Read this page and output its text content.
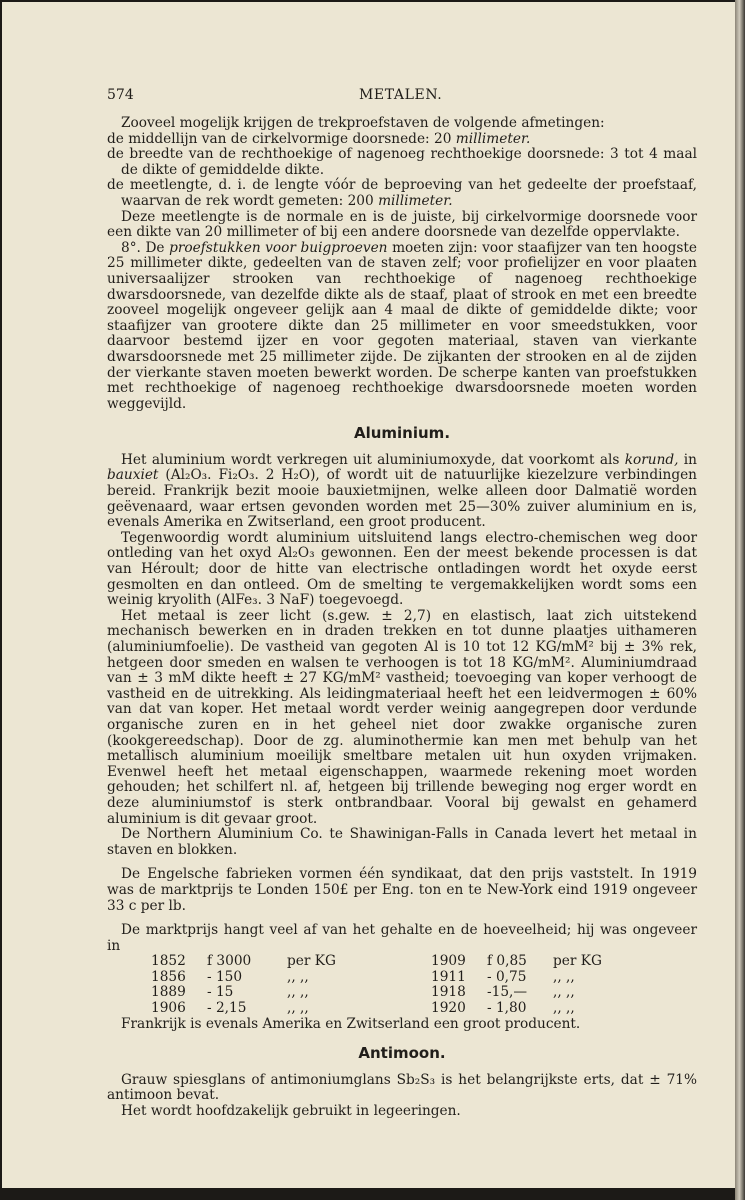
574	METALEN.

Zooveel mogelijk krijgen de trekproefstaven de volgende afmetingen:

de middellijn van de cirkelvormige doorsnede: 20 millimeter.

de breedte van de rechthoekige of nagenoeg rechthoekige doorsnede: 3 tot 4 maal de dikte of gemiddelde dikte.

de meetlengte, d. i. de lengte vóór de beproeving van het gedeelte der proefstaaf, waarvan de rek wordt gemeten: 200 millimeter.

Deze meetlengte is de normale en is de juiste, bij cirkelvormige doorsnede voor een dikte van 20 millimeter of bij een andere doorsnede van dezelfde oppervlakte.

8°. De proefstukken voor buigproeven moeten zijn: voor staafijzer van ten hoogste 25 millimeter dikte, gedeelten van de staven zelf; voor profielijzer en voor plaaten universaalijzer strooken van rechthoekige of nagenoeg rechthoekige dwarsdoorsnede, van dezelfde dikte als de staaf, plaat of strook en met een breedte zooveel mogelijk ongeveer gelijk aan 4 maal de dikte of gemiddelde dikte; voor staafijzer van grootere dikte dan 25 millimeter en voor smeedstukken, voor daarvoor bestemd ijzer en voor gegoten materiaal, staven van vierkante dwarsdoorsnede met 25 millimeter zijde. De zijkanten der strooken en al de zijden der vierkante staven moeten bewerkt worden. De scherpe kanten van proefstukken met rechthoekige of nagenoeg rechthoekige dwarsdoorsnede moeten worden weggevijld.

Aluminium.

Het aluminium wordt verkregen uit aluminiumoxyde, dat voorkomt als korund, in bauxiet (Al₂O₃. Fi₂O₃. 2 H₂O), of wordt uit de natuurlijke kiezelzure verbindingen bereid. Frankrijk bezit mooie bauxietmijnen, welke alleen door Dalmatië worden geëvenaard, waar ertsen gevonden worden met 25—30% zuiver aluminium en is, evenals Amerika en Zwitserland, een groot producent.

Tegenwoordig wordt aluminium uitsluitend langs electro-chemischen weg door ontleding van het oxyd Al₂O₃ gewonnen. Een der meest bekende processen is dat van Héroult; door de hitte van electrische ontladingen wordt het oxyde eerst gesmolten en dan ontleed. Om de smelting te vergemakkelijken wordt soms een weinig kryolith (AlFe₃. 3 NaF) toegevoegd.

Het metaal is zeer licht (s.gew. ± 2,7) en elastisch, laat zich uitstekend mechanisch bewerken en in draden trekken en tot dunne plaatjes uithameren (aluminiumfoelie). De vastheid van gegoten Al is 10 tot 12 KG/mM² bij ± 3% rek, hetgeen door smeden en walsen te verhoogen is tot 18 KG/mM². Aluminiumdraad van ± 3 mM dikte heeft ± 27 KG/mM² vastheid; toevoeging van koper verhoogt de vastheid en de uitrekking. Als leidingmateriaal heeft het een leidvermogen ± 60% van dat van koper. Het metaal wordt verder weinig aangegrepen door verdunde organische zuren en in het geheel niet door zwakke organische zuren (kookgereedschap). Door de zg. aluminothermie kan men met behulp van het metallisch aluminium moeilijk smeltbare metalen uit hun oxyden vrijmaken. Evenwel heeft het metaal eigenschappen, waarmede rekening moet worden gehouden; het schilfert nl. af, hetgeen bij trillende beweging nog erger wordt en deze aluminiumstof is sterk ontbrandbaar. Vooral bij gewalst en gehamerd aluminium is dit gevaar groot.

De Northern Aluminium Co. te Shawinigan-Falls in Canada levert het metaal in staven en blokken.

De Engelsche fabrieken vormen één syndikaat, dat den prijs vaststelt. In 1919 was de marktprijs te Londen 150£ per Eng. ton en te New-York eind 1919 ongeveer 33 c per lb.

De marktprijs hangt veel af van het gehalte en de hoeveelheid; hij was ongeveer in

1852	f 3000	per KG	1909	f 0,85	per KG
1856	- 150	,, ,,	1911	- 0,75	,, ,,
1889	- 15	,, ,,	1918	-15,—	,, ,,
1906	- 2,15	,, ,,	1920	- 1,80	,, ,,

Frankrijk is evenals Amerika en Zwitserland een groot producent.

Antimoon.

Grauw spiesglans of antimoniumglans Sb₂S₃ is het belangrijkste erts, dat ± 71% antimoon bevat.

Het wordt hoofdzakelijk gebruikt in legeeringen.
